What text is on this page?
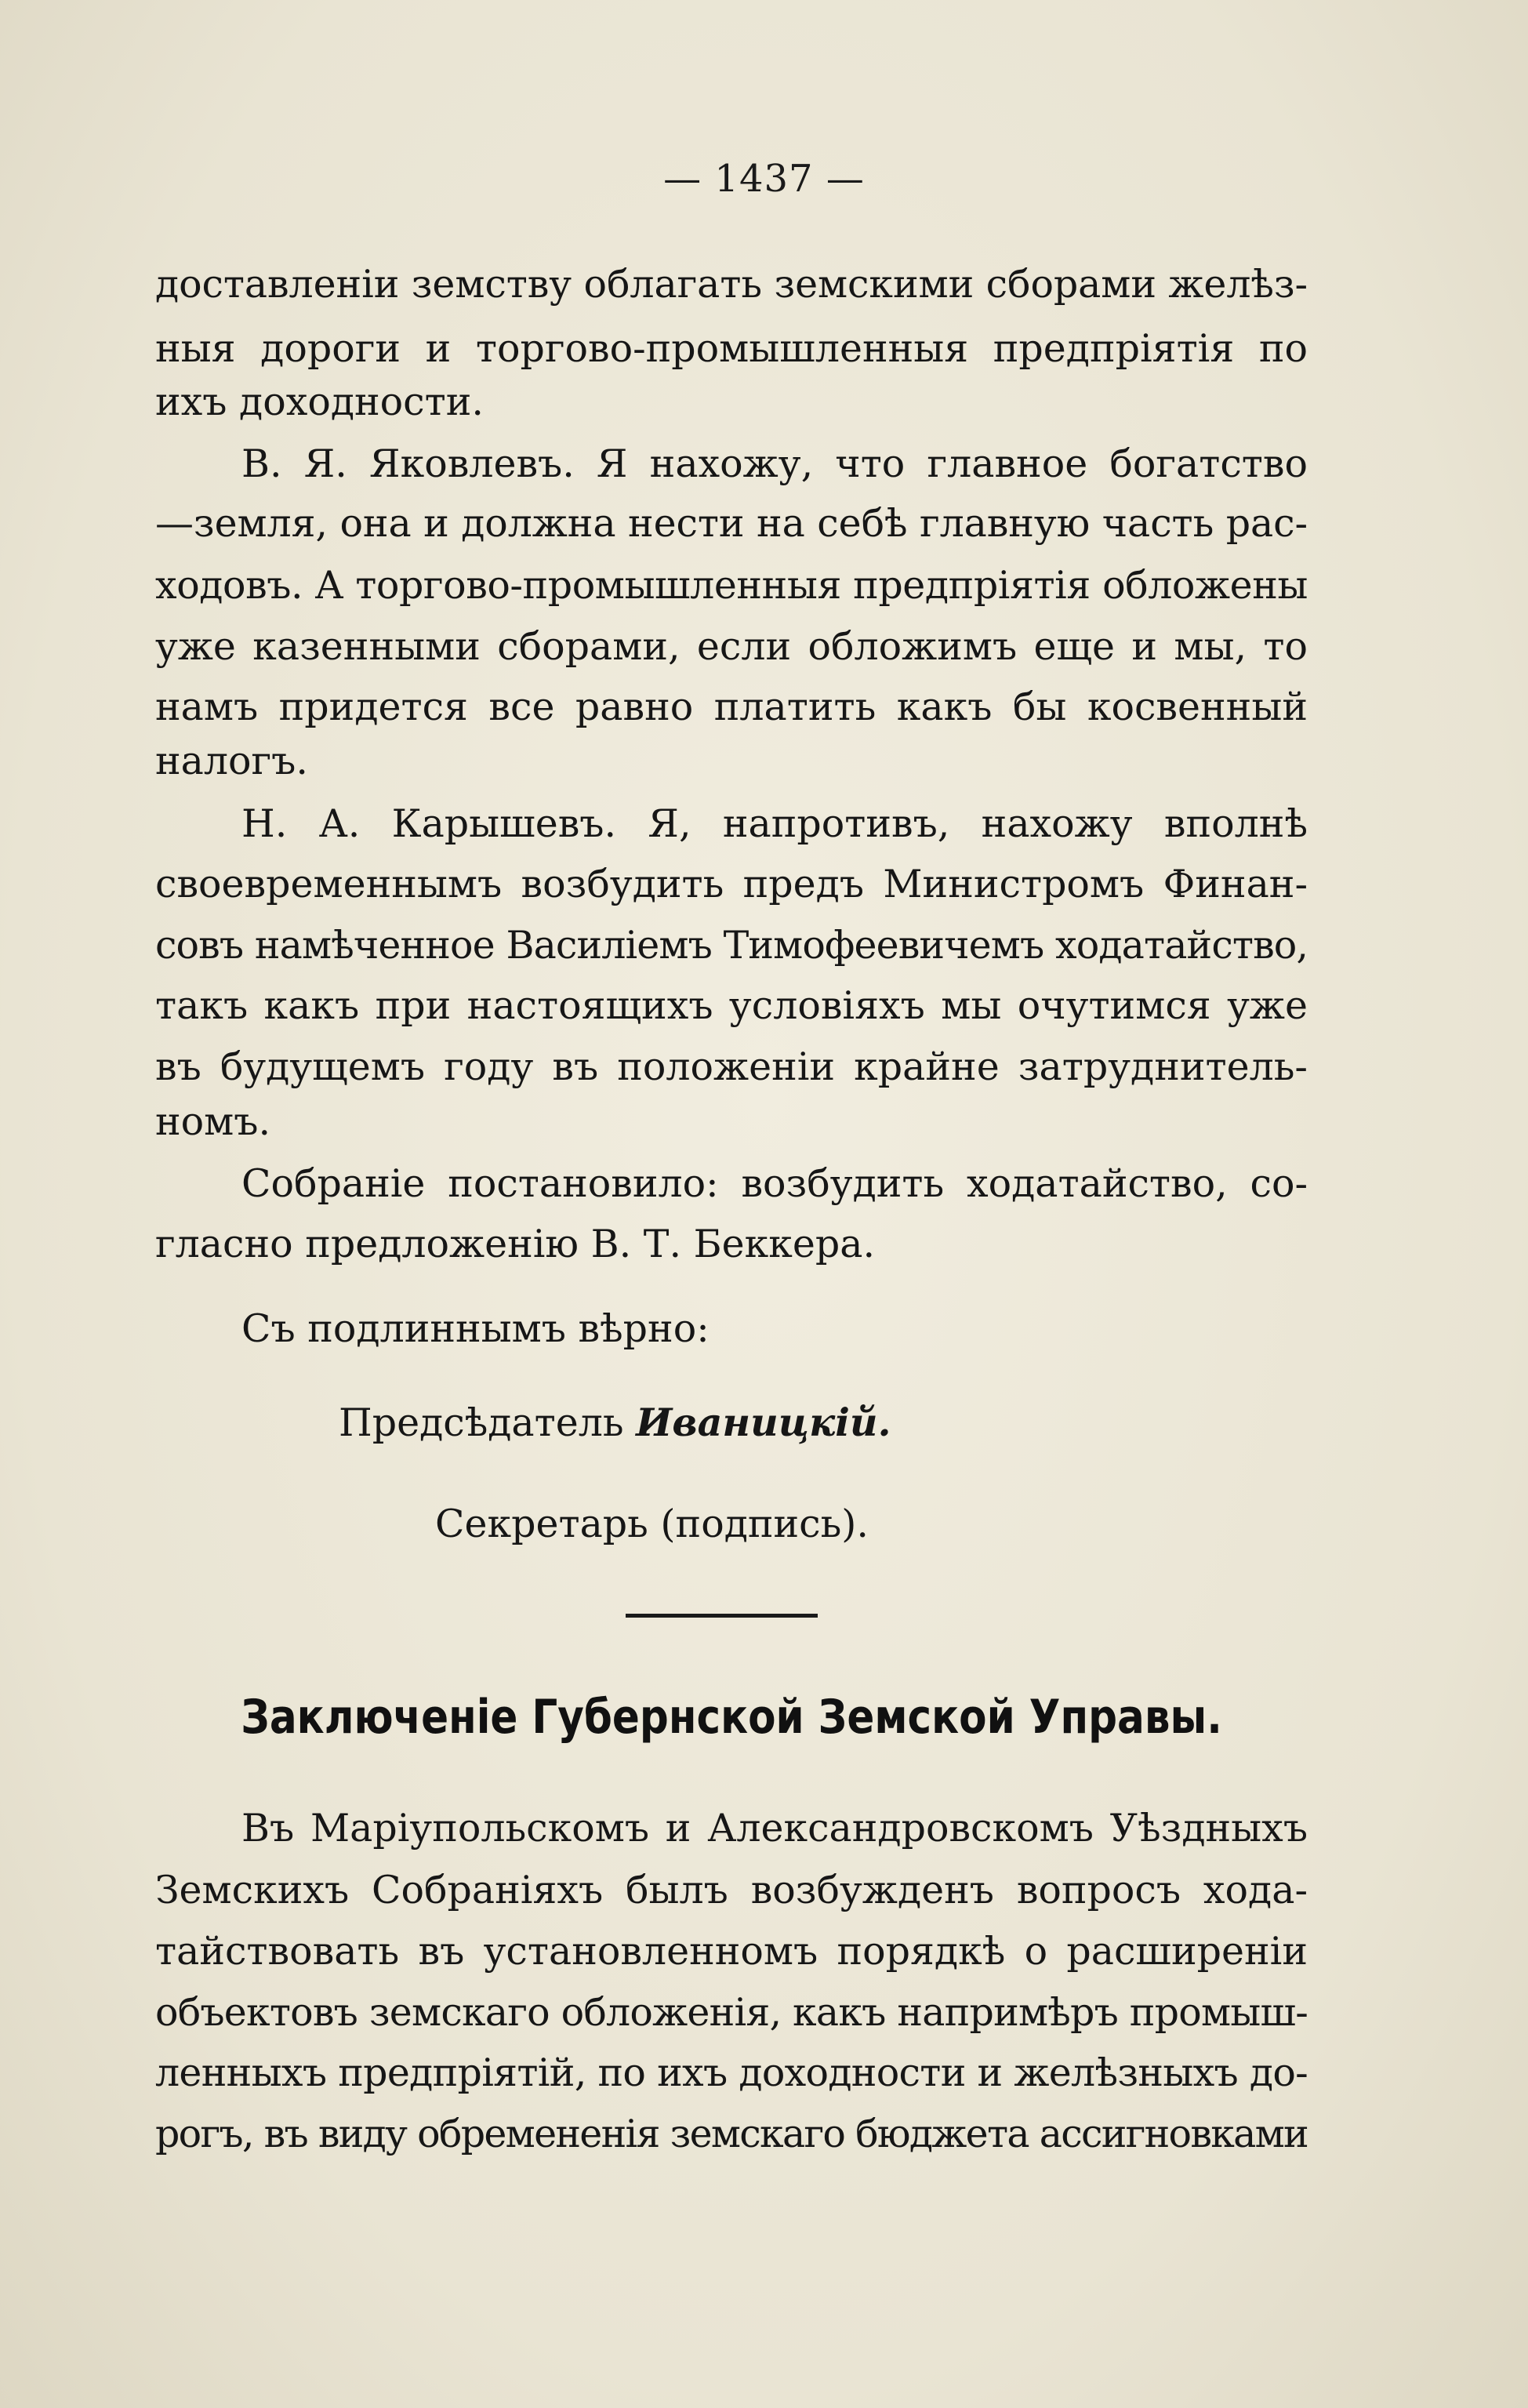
— 1437 —
доставленіи земству облагать земскими сборами желѣз-
ныя дороги и торгово-промышленныя предпріятія по
ихъ доходности.
В. Я. Яковлевъ. Я нахожу, что главное богатство
—земля, она и должна нести на себѣ главную часть рас-
ходовъ. А торгово-промышленныя предпріятія обложены
уже казенными сборами, если обложимъ еще и мы, то
намъ придется все равно платить какъ бы косвенный
налогъ.
Н. А. Карышевъ. Я, напротивъ, нахожу вполнѣ
своевременнымъ возбудить предъ Министромъ Финан-
совъ намѣченное Василіемъ Тимофеевичемъ ходатайство,
такъ какъ при настоящихъ условіяхъ мы очутимся уже
въ будущемъ году въ положеніи крайне затруднитель-
номъ.
Собраніе постановило: возбудить ходатайство, со-
гласно предложенію В. Т. Беккера.
Съ подлиннымъ вѣрно:
Предсѣдатель Иваницкій.
Секретарь (подпись).
Заключеніе Губернской Земской Управы.
Въ Маріупольскомъ и Александровскомъ Уѣздныхъ
Земскихъ Собраніяхъ былъ возбужденъ вопросъ хода-
тайствовать въ установленномъ порядкѣ о расширеніи
объектовъ земскаго обложенія, какъ напримѣръ промыш-
ленныхъ предпріятій, по ихъ доходности и желѣзныхъ до-
рогъ, въ виду обремененія земскаго бюджета ассигновками
